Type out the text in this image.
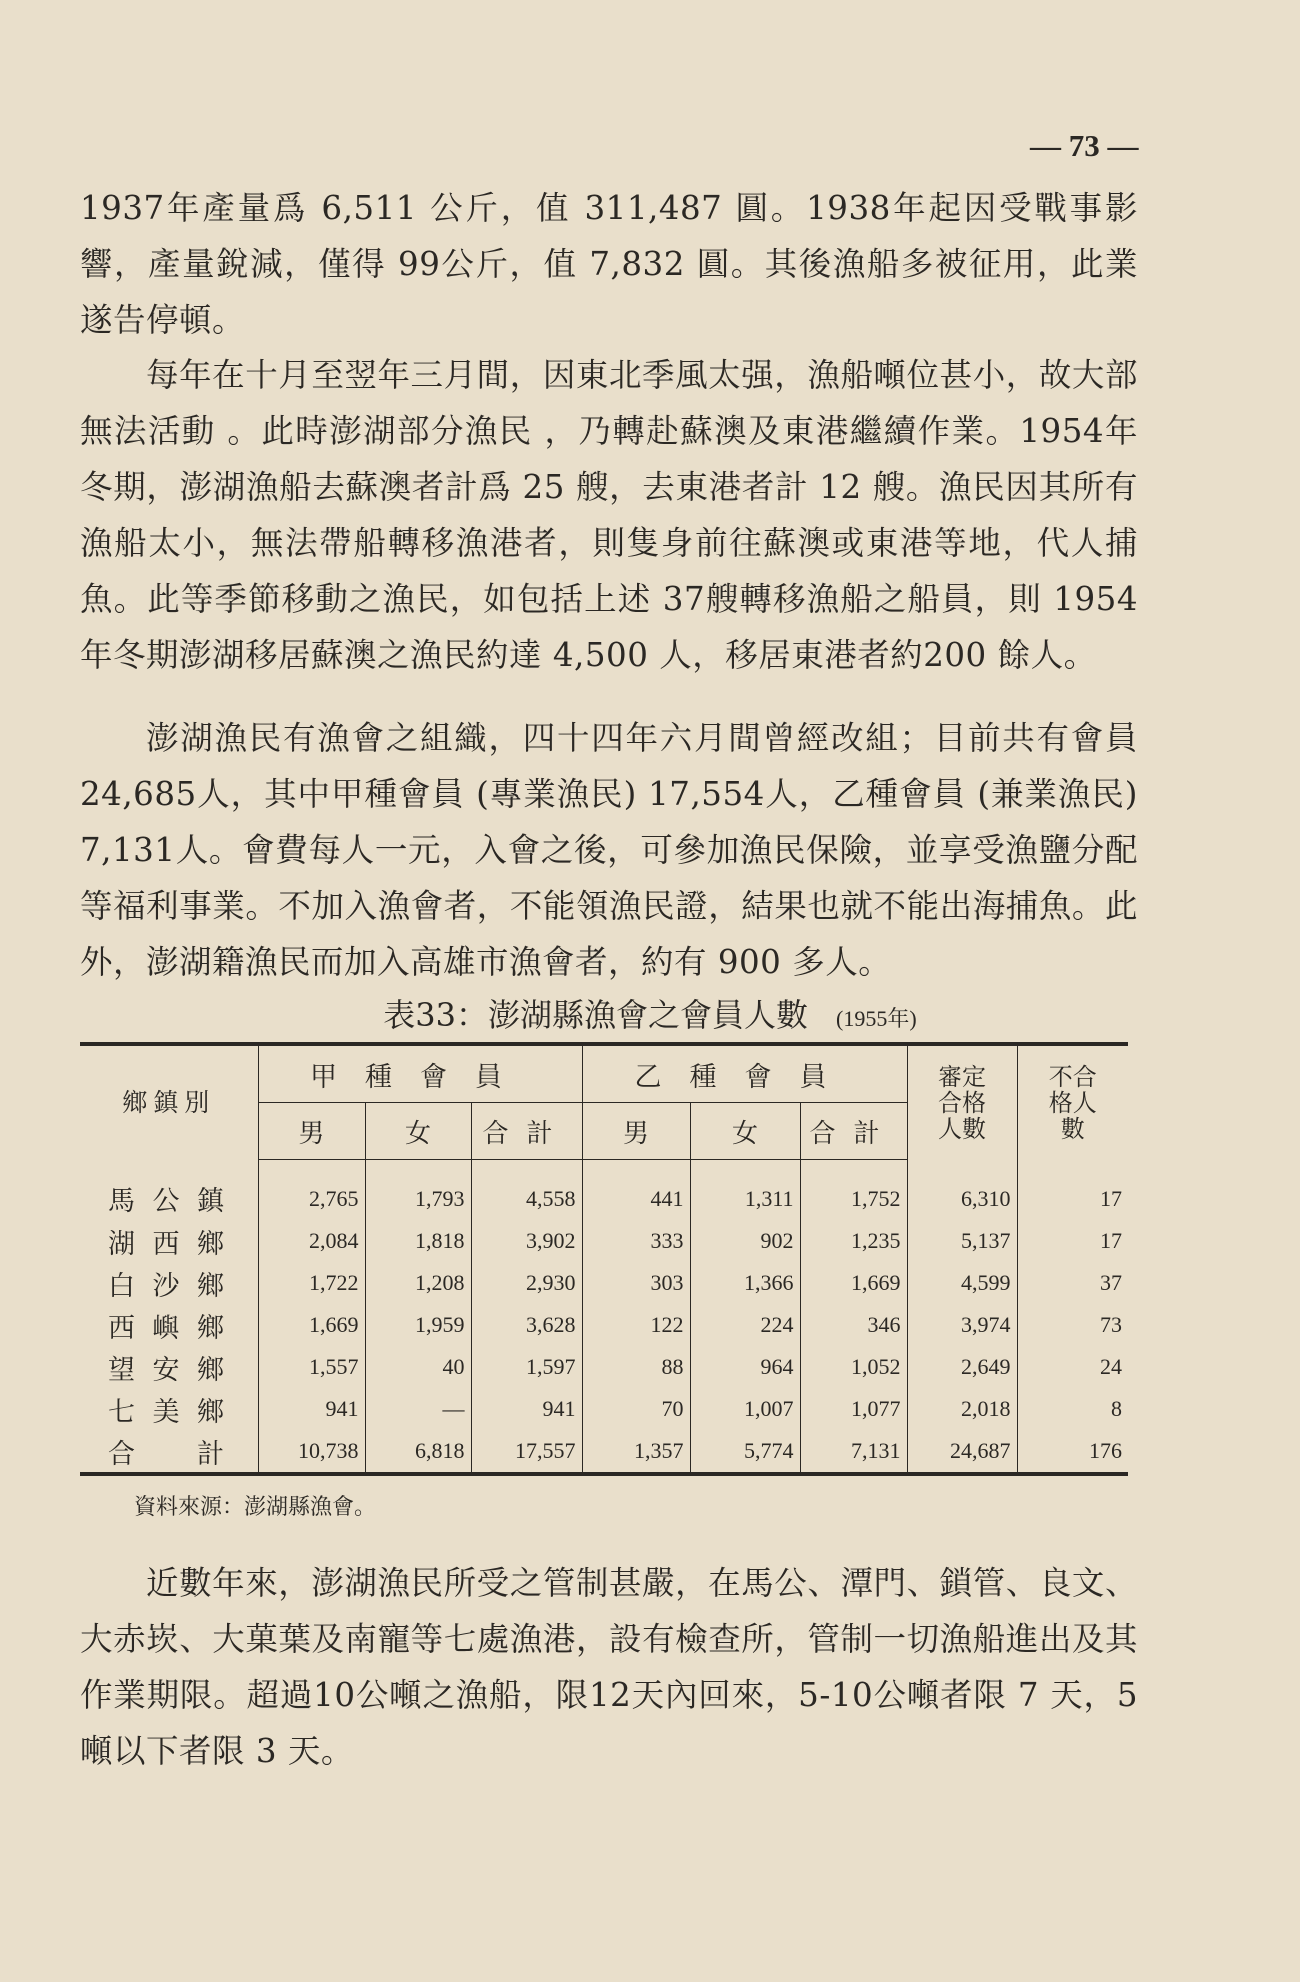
— 73 —

1937年產量爲 6,511 公斤，值 311,487 圓。1938年起因受戰事影響，產量銳減，僅得 99公斤，值 7,832 圓。其後漁船多被征用，此業遂告停頓。

每年在十月至翌年三月間，因東北季風太强，漁船噸位甚小，故大部無法活動 。此時澎湖部分漁民 ，乃轉赴蘇澳及東港繼續作業。1954年冬期，澎湖漁船去蘇澳者計爲 25 艘，去東港者計 12 艘。漁民因其所有漁船太小，無法帶船轉移漁港者，則隻身前往蘇澳或東港等地，代人捕魚。此等季節移動之漁民，如包括上述 37艘轉移漁船之船員，則 1954年冬期澎湖移居蘇澳之漁民約達 4,500 人，移居東港者約200 餘人。

澎湖漁民有漁會之組織，四十四年六月間曾經改組；目前共有會員 24,685人，其中甲種會員 (專業漁民) 17,554人，乙種會員 (兼業漁民) 7,131人。會費每人一元，入會之後，可參加漁民保險，並享受漁鹽分配等福利事業。不加入漁會者，不能領漁民證，結果也就不能出海捕魚。此外，澎湖籍漁民而加入高雄市漁會者，約有 900 多人。

表33：澎湖縣漁會之會員人數 (1955年)
鄉鎮別	甲種會員			乙種會員			審定合格人數	不合格人數
	男	女	合計	男	女	合計		

馬公鎮	2,765	1,793	4,558	441	1,311	1,752	6,310	17

湖西鄉	2,084	1,818	3,902	333	902	1,235	5,137	17

白沙鄉	1,722	1,208	2,930	303	1,366	1,669	4,599	37

西嶼鄉	1,669	1,959	3,628	122	224	346	3,974	73

望安鄉	1,557	40	1,597	88	964	1,052	2,649	24

七美鄉	941	—	941	70	1,007	1,077	2,018	8

合計	10,738	6,818	17,557	1,357	5,774	7,131	24,687	176
資料來源：澎湖縣漁會。

近數年來，澎湖漁民所受之管制甚嚴，在馬公、潭門、鎖管、良文、大赤崁、大菓葉及南寵等七處漁港，設有檢查所，管制一切漁船進出及其作業期限。超過10公噸之漁船，限12天內回來，5-10公噸者限 7 天，5 噸以下者限 3 天。
